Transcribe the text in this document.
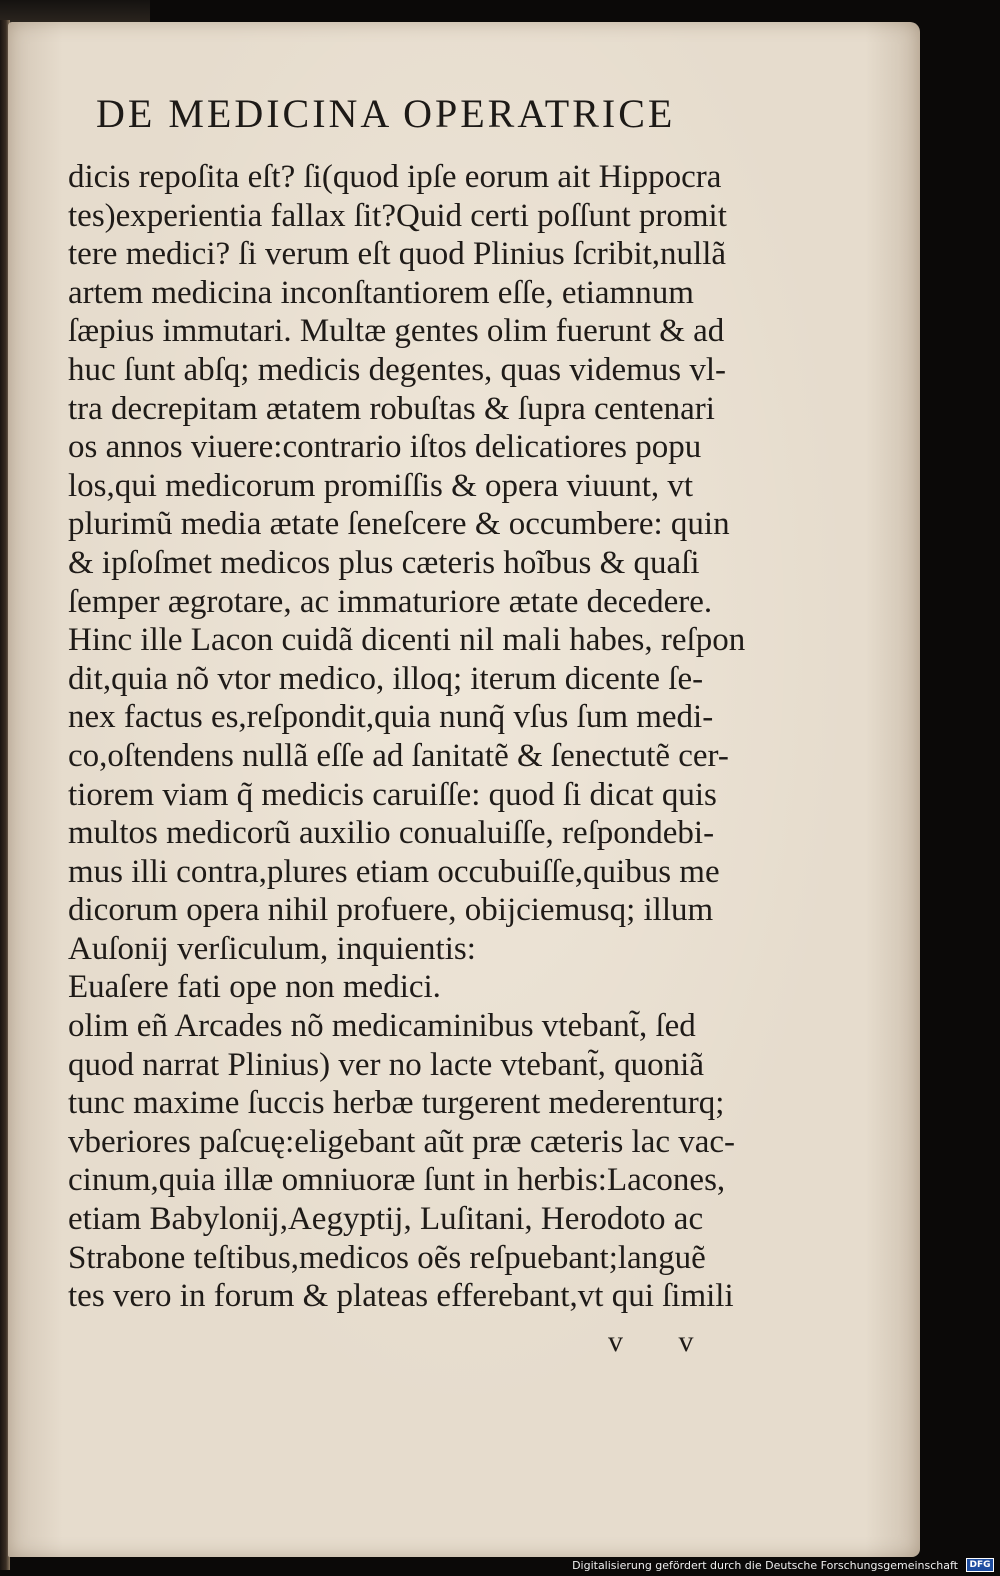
DE MEDICINA OPERATRICE
dicis repoſita eſt? ſi(quod ipſe eorum ait Hippocra
tes)experientia fallax ſit?Quid certi poſſunt promit
tere medici? ſi verum eſt quod Plinius ſcribit,nullã
artem medicina inconſtantiorem eſſe, etiamnum
ſæpius immutari. Multæ gentes olim fuerunt & ad
huc ſunt abſq; medicis degentes, quas videmus vl-
tra decrepitam ætatem robuſtas & ſupra centenari
os annos viuere:contrario iſtos delicatiores popu
los,qui medicorum promiſſis & opera viuunt, vt
plurimũ media ætate ſeneſcere & occumbere: quin
& ipſoſmet medicos plus cæteris hoĩbus & quaſi
ſemper ægrotare, ac immaturiore ætate decedere.
Hinc ille Lacon cuidã dicenti nil mali habes, reſpon
dit,quia nõ vtor medico, illoq; iterum dicente ſe-
nex factus es,reſpondit,quia nunq̃ vſus ſum medi-
co,oſtendens nullã eſſe ad ſanitatẽ & ſenectutẽ cer-
tiorem viam q̃ medicis caruiſſe: quod ſi dicat quis
multos medicorũ auxilio conualuiſſe, reſpondebi-
mus illi contra,plures etiam occubuiſſe,quibus me
dicorum opera nihil profuere, obijciemusq; illum
Auſonij verſiculum, inquientis:
Euaſere fati ope non medici.
olim eñ Arcades nõ medicaminibus vtebant̃, ſed
quod narrat Plinius) ver no lacte vtebant̃, quoniã
tunc maxime ſuccis herbæ turgerent mederenturq;
vberiores paſcuę:eligebant aũt præ cæteris lac vac-
cinum,quia illæ omniuoræ ſunt in herbis:Lacones,
etiam Babylonij,Aegyptij, Luſitani, Herodoto ac
Strabone teſtibus,medicos oẽs reſpuebant;languẽ
tes vero in forum & plateas efferebant,vt qui ſimili
v v
Digitalisierung gefördert durch die Deutsche Forschungsgemeinschaft	DFG
